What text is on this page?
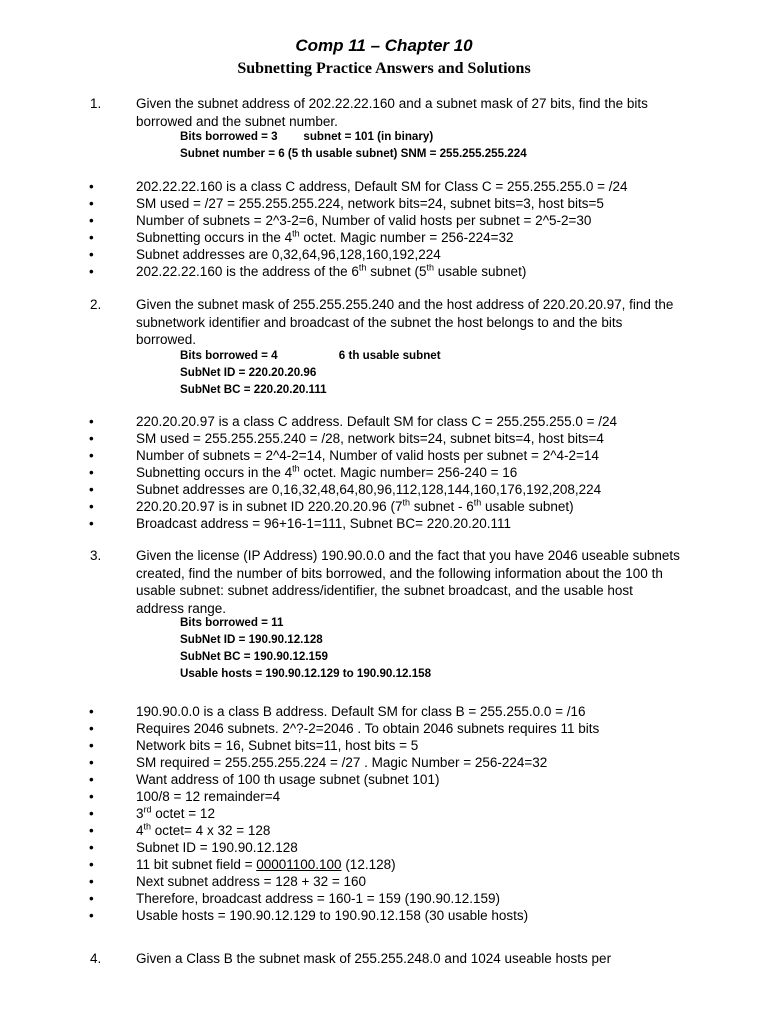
Comp 11 – Chapter 10
Subnetting Practice Answers and Solutions
1.	Given the subnet address of 202.22.22.160 and a subnet mask of 27 bits, find the bits borrowed and the subnet number.
Bits borrowed = 3        subnet = 101 (in binary)
Subnet number = 6 (5 th usable subnet) SNM = 255.255.255.224
•	202.22.22.160 is a class C address, Default SM for Class C = 255.255.255.0 = /24
•	SM used = /27 = 255.255.255.224, network bits=24, subnet bits=3, host bits=5
•	Number of subnets = 2^3-2=6, Number of valid hosts per subnet = 2^5-2=30
•	Subnetting occurs in the 4th octet. Magic number = 256-224=32
•	Subnet addresses are 0,32,64,96,128,160,192,224
•	202.22.22.160 is the address of the 6th subnet (5th usable subnet)
2.	Given the subnet mask of 255.255.255.240 and the host address of 220.20.20.97, find the subnetwork identifier and broadcast of the subnet the host belongs to and the bits borrowed.
Bits borrowed = 4                   6 th usable subnet
SubNet ID = 220.20.20.96
SubNet BC = 220.20.20.111
•	220.20.20.97 is a class C address. Default SM for class C = 255.255.255.0 = /24
•	SM used = 255.255.255.240 = /28, network bits=24, subnet bits=4, host bits=4
•	Number of subnets = 2^4-2=14, Number of valid hosts per subnet = 2^4-2=14
•	Subnetting occurs in the 4th octet. Magic number= 256-240 = 16
•	Subnet addresses are 0,16,32,48,64,80,96,112,128,144,160,176,192,208,224
•	220.20.20.97 is in subnet ID 220.20.20.96 (7th subnet - 6th usable subnet)
•	Broadcast address = 96+16-1=111, Subnet BC= 220.20.20.111
3.	Given the license (IP Address) 190.90.0.0 and the fact that you have 2046 useable subnets created, find the number of bits borrowed, and the following information about the 100 th usable subnet: subnet address/identifier, the subnet broadcast, and the usable host address range.
Bits borrowed = 11
SubNet ID = 190.90.12.128
SubNet BC = 190.90.12.159
Usable hosts = 190.90.12.129 to 190.90.12.158
•	190.90.0.0 is a class B address. Default SM for class B = 255.255.0.0 = /16
•	Requires 2046 subnets. 2^?-2=2046 . To obtain 2046 subnets requires 11 bits
•	Network bits = 16, Subnet bits=11, host bits = 5
•	SM required = 255.255.255.224 = /27 . Magic Number = 256-224=32
•	Want address of 100 th usage subnet (subnet 101)
•	100/8 = 12 remainder=4
•	3rd octet = 12
•	4th octet= 4 x 32 = 128
•	Subnet ID = 190.90.12.128
•	11 bit subnet field = 00001100.100 (12.128)
•	Next subnet address = 128 + 32 = 160
•	Therefore, broadcast address = 160-1 = 159 (190.90.12.159)
•	Usable hosts = 190.90.12.129 to 190.90.12.158 (30 usable hosts)
4.	Given a Class B the subnet mask of 255.255.248.0 and 1024 useable hosts per
